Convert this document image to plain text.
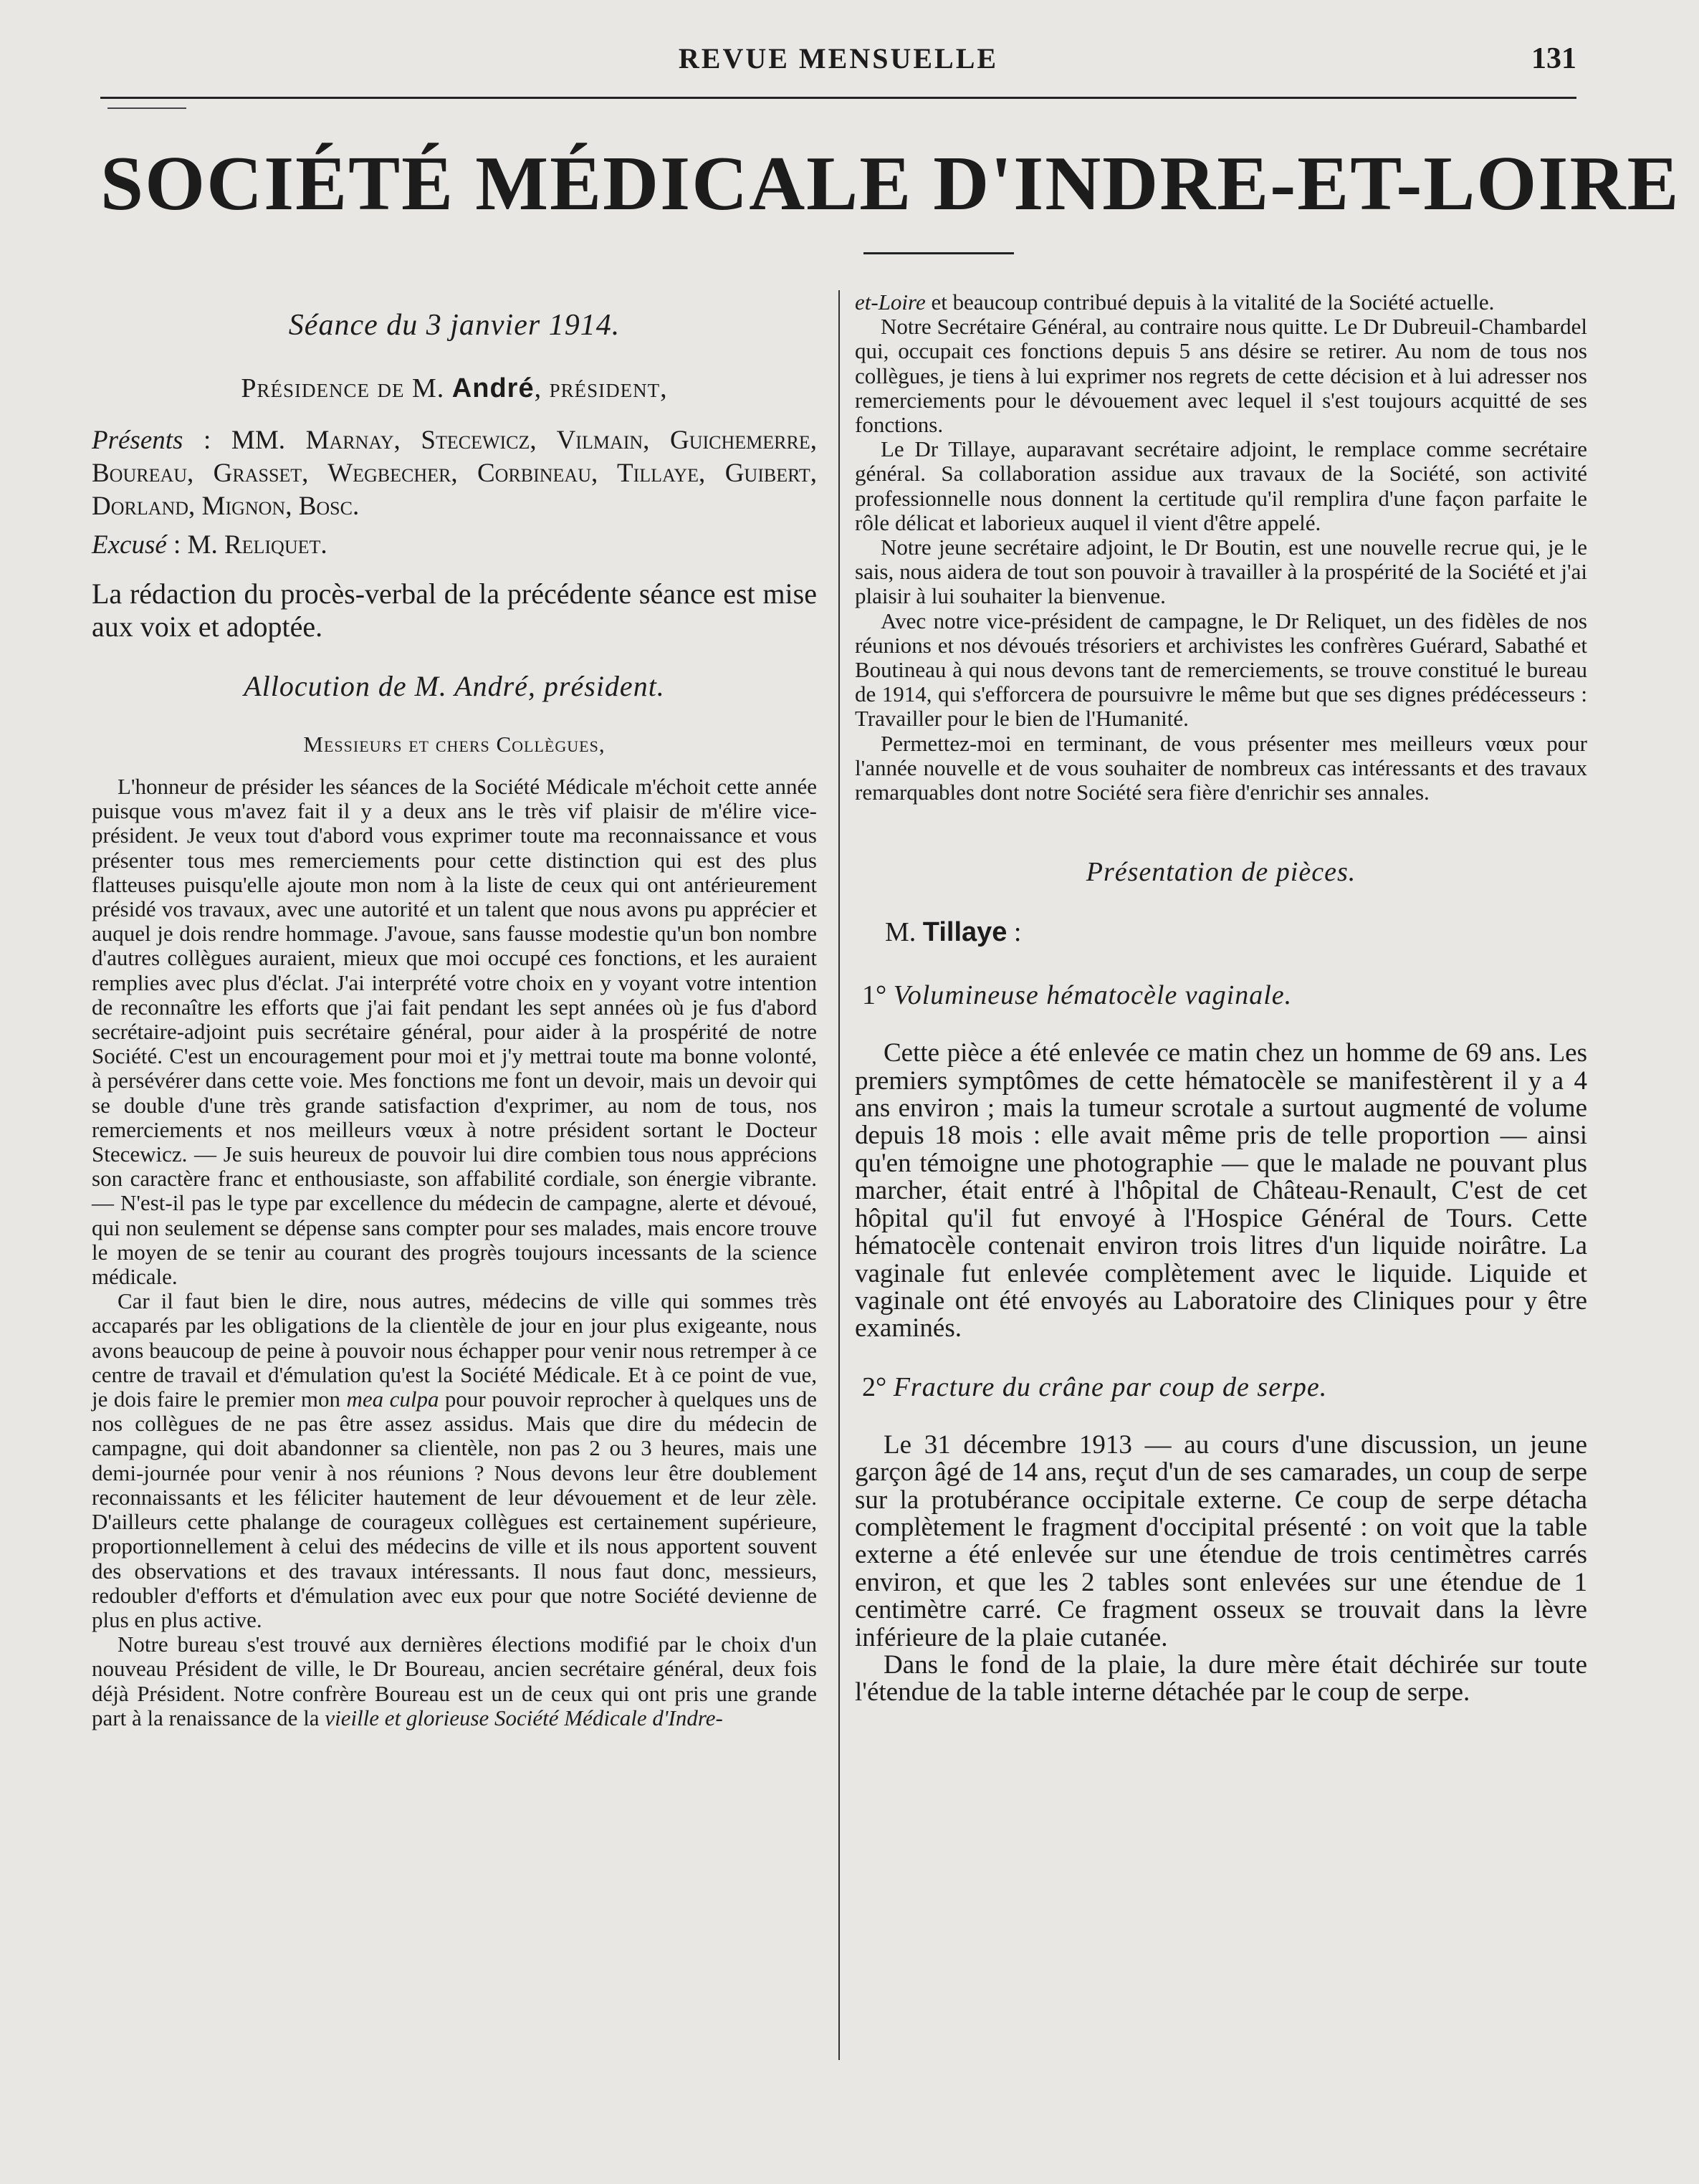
REVUE MENSUELLE	131
SOCIÉTÉ MÉDICALE D'INDRE-ET-LOIRE
Séance du 3 janvier 1914.
Présidence de M. André, président,

Présents : MM. Marnay, Stecewicz, Vilmain, Guichemerre, Boureau, Grasset, Wegbecher, Corbineau, Tillaye, Guibert, Dorland, Mignon, Bosc.

Excusé : M. Reliquet.

La rédaction du procès-verbal de la précédente séance est mise aux voix et adoptée.

Allocution de M. André, président.
Messieurs et chers Collègues,

L'honneur de présider les séances de la Société Médicale m'échoit cette année puisque vous m'avez fait il y a deux ans le très vif plaisir de m'élire vice-président. Je veux tout d'abord vous exprimer toute ma reconnaissance et vous présenter tous mes remerciements pour cette distinction qui est des plus flatteuses puisqu'elle ajoute mon nom à la liste de ceux qui ont antérieurement présidé vos travaux, avec une autorité et un talent que nous avons pu apprécier et auquel je dois rendre hommage. J'avoue, sans fausse modestie qu'un bon nombre d'autres collègues auraient, mieux que moi occupé ces fonctions, et les auraient remplies avec plus d'éclat. J'ai interprété votre choix en y voyant votre intention de reconnaître les efforts que j'ai fait pendant les sept années où je fus d'abord secrétaire-adjoint puis secrétaire général, pour aider à la prospérité de notre Société. C'est un encouragement pour moi et j'y mettrai toute ma bonne volonté, à persévérer dans cette voie. Mes fonctions me font un devoir, mais un devoir qui se double d'une très grande satisfaction d'exprimer, au nom de tous, nos remerciements et nos meilleurs vœux à notre président sortant le Docteur Stecewicz. — Je suis heureux de pouvoir lui dire combien tous nous apprécions son caractère franc et enthousiaste, son affabilité cordiale, son énergie vibrante. — N'est-il pas le type par excellence du médecin de campagne, alerte et dévoué, qui non seulement se dépense sans compter pour ses malades, mais encore trouve le moyen de se tenir au courant des progrès toujours incessants de la science médicale.

Car il faut bien le dire, nous autres, médecins de ville qui sommes très accaparés par les obligations de la clientèle de jour en jour plus exigeante, nous avons beaucoup de peine à pouvoir nous échapper pour venir nous retremper à ce centre de travail et d'émulation qu'est la Société Médicale. Et à ce point de vue, je dois faire le premier mon mea culpa pour pouvoir reprocher à quelques uns de nos collègues de ne pas être assez assidus. Mais que dire du médecin de campagne, qui doit abandonner sa clientèle, non pas 2 ou 3 heures, mais une demi-journée pour venir à nos réunions ? Nous devons leur être doublement reconnaissants et les féliciter hautement de leur dévouement et de leur zèle. D'ailleurs cette phalange de courageux collègues est certainement supérieure, proportionnellement à celui des médecins de ville et ils nous apportent souvent des observations et des travaux intéressants. Il nous faut donc, messieurs, redoubler d'efforts et d'émulation avec eux pour que notre Société devienne de plus en plus active.

Notre bureau s'est trouvé aux dernières élections modifié par le choix d'un nouveau Président de ville, le Dr Boureau, ancien secrétaire général, deux fois déjà Président. Notre confrère Boureau est un de ceux qui ont pris une grande part à la renaissance de la vieille et glorieuse Société Médicale d'Indre-

et-Loire et beaucoup contribué depuis à la vitalité de la Société actuelle.

Notre Secrétaire Général, au contraire nous quitte. Le Dr Dubreuil-Chambardel qui, occupait ces fonctions depuis 5 ans désire se retirer. Au nom de tous nos collègues, je tiens à lui exprimer nos regrets de cette décision et à lui adresser nos remerciements pour le dévouement avec lequel il s'est toujours acquitté de ses fonctions.

Le Dr Tillaye, auparavant secrétaire adjoint, le remplace comme secrétaire général. Sa collaboration assidue aux travaux de la Société, son activité professionnelle nous donnent la certitude qu'il remplira d'une façon parfaite le rôle délicat et laborieux auquel il vient d'être appelé.

Notre jeune secrétaire adjoint, le Dr Boutin, est une nouvelle recrue qui, je le sais, nous aidera de tout son pouvoir à travailler à la prospérité de la Société et j'ai plaisir à lui souhaiter la bienvenue.

Avec notre vice-président de campagne, le Dr Reliquet, un des fidèles de nos réunions et nos dévoués trésoriers et archivistes les confrères Guérard, Sabathé et Boutineau à qui nous devons tant de remerciements, se trouve constitué le bureau de 1914, qui s'efforcera de poursuivre le même but que ses dignes prédécesseurs : Travailler pour le bien de l'Humanité.

Permettez-moi en terminant, de vous présenter mes meilleurs vœux pour l'année nouvelle et de vous souhaiter de nombreux cas intéressants et des travaux remarquables dont notre Société sera fière d'enrichir ses annales.

Présentation de pièces.
M. Tillaye :
1° Volumineuse hématocèle vaginale.

Cette pièce a été enlevée ce matin chez un homme de 69 ans. Les premiers symptômes de cette hématocèle se manifestèrent il y a 4 ans environ ; mais la tumeur scrotale a surtout augmenté de volume depuis 18 mois : elle avait même pris de telle proportion — ainsi qu'en témoigne une photographie — que le malade ne pouvant plus marcher, était entré à l'hôpital de Château-Renault, C'est de cet hôpital qu'il fut envoyé à l'Hospice Général de Tours. Cette hématocèle contenait environ trois litres d'un liquide noirâtre. La vaginale fut enlevée complètement avec le liquide. Liquide et vaginale ont été envoyés au Laboratoire des Cliniques pour y être examinés.

2° Fracture du crâne par coup de serpe.

Le 31 décembre 1913 — au cours d'une discussion, un jeune garçon âgé de 14 ans, reçut d'un de ses camarades, un coup de serpe sur la protubérance occipitale externe. Ce coup de serpe détacha complètement le fragment d'occipital présenté : on voit que la table externe a été enlevée sur une étendue de trois centimètres carrés environ, et que les 2 tables sont enlevées sur une étendue de 1 centimètre carré. Ce fragment osseux se trouvait dans la lèvre inférieure de la plaie cutanée.

Dans le fond de la plaie, la dure mère était déchirée sur toute l'étendue de la table interne détachée par le coup de serpe.
